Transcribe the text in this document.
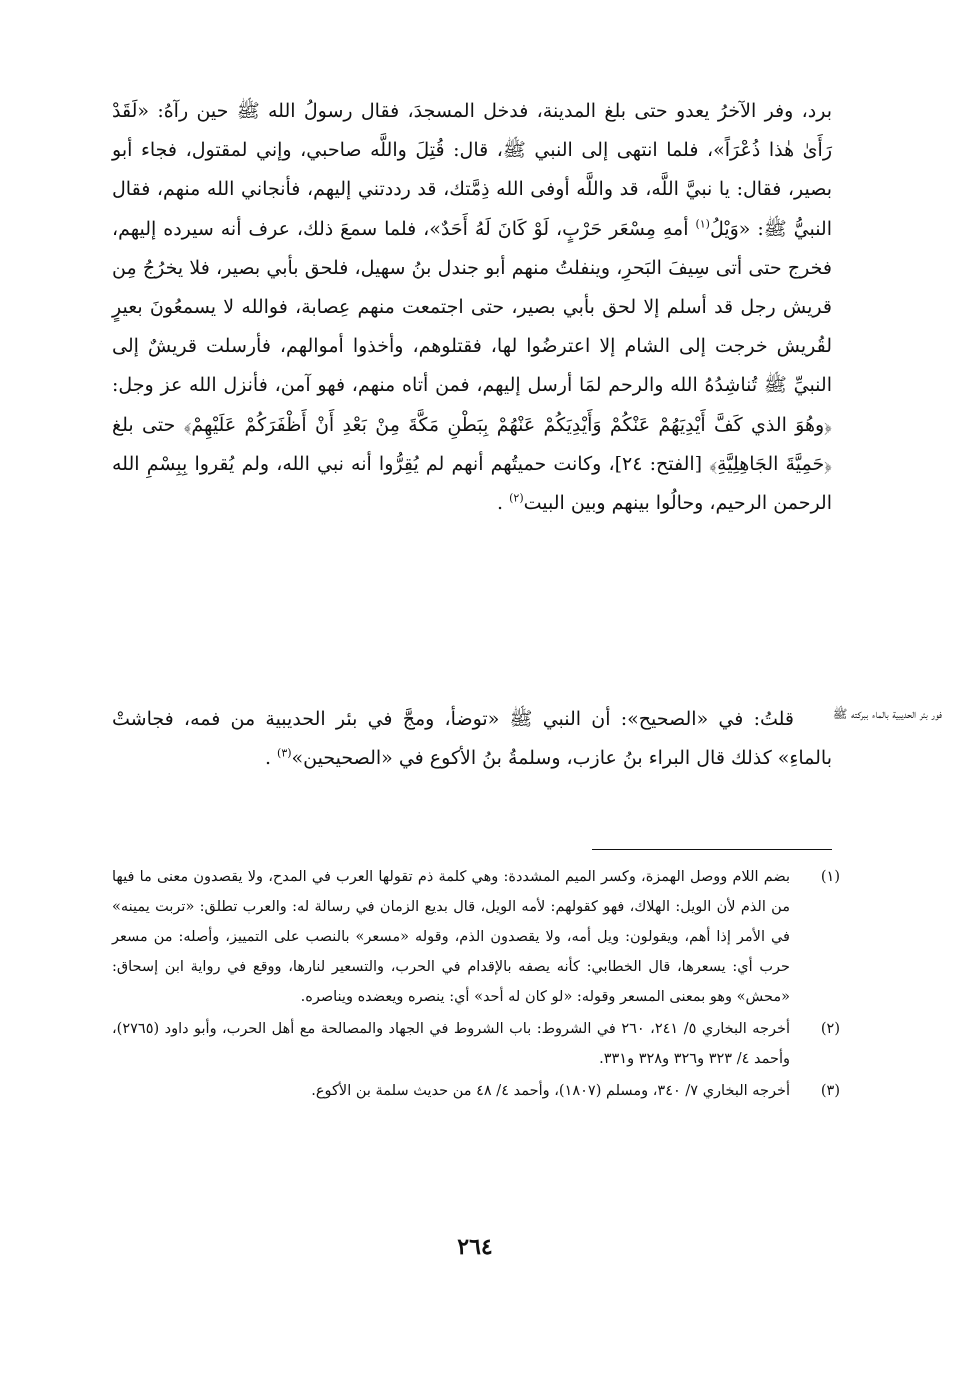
برد، وفر الآخرُ يعدو حتى بلغ المدينة، فدخل المسجدَ، فقال رسولُ الله ﷺ حين رآهُ: «لَقَدْ رَأَىٰ هٰذا ذُعْرَاً»، فلما انتهى إلى النبي ﷺ، قال: قُتِلَ واللَّه صاحبي، وإني لمقتول، فجاء أبو بصير، فقال: يا نبيَّ اللَّه، قد واللَّه أوفى الله ذِمَّتك، قد رددتني إليهم، فأنجاني الله منهم، فقال النبيُّ ﷺ: «وَيْلُ$^{(١)}$ أمهِ مِسْعَر حَرْبٍ، لَوْ كَانَ لَهُ أَحَدٌ»، فلما سمعَ ذلك، عرف أنه سيرده إليهم، فخرج حتى أتى سِيفَ البَحرِ، وينفلتُ منهم أبو جندل بنُ سهيل، فلحق بأبي بصير، فلا يخرُجُ مِن قريش رجل قد أسلم إلا لحق بأبي بصير، حتى اجتمعت منهم عِصابة، فوالله لا يسمعُونَ بعيرٍ لقُريش خرجت إلى الشام إلا اعترضُوا لها، فقتلوهم، وأخذوا أموالهم، فأرسلت قريشٌ إلى النبيِّ ﷺ تُناشِدُهُ الله والرحم لمَا أرسل إليهم، فمن أتاه منهم، فهو آمن، فأنزل الله عز وجل: ﴿وهُوَ الذي كَفَّ أَيْدِيَهُمْ عَنْكُمْ وَأَيْدِيَكُمْ عَنْهُمْ بِبَطْنِ مَكَّةَ مِنْ بَعْدِ أَنْ أَظْفَرَكُمْ عَلَيْهِمْ﴾ حتى بلغ ﴿حَمِيَّةَ الجَاهِلِيَّةِ﴾ [الفتح: ٢٤]، وكانت حميتُهم أنهم لم يُقِرُّوا أنه نبي الله، ولم يُقروا بِبِسْمِ الله الرحمن الرحيم، وحالُوا بينهم وبين البيت$^{(٢)}$ .

  قلتُ: في «الصحيح»: أن النبي ﷺ «توضأ، ومجَّ في بئر الحديبية من فمه، فجاشتْ بالماءِ» كذلك قال البراء بنُ عازب، وسلمةُ بنُ الأكوع في «الصحيحين»$^{(٣)}$ .

فور بئر الحديبية بالماء ببركته ﷺ
(١)
بضم اللام ووصل الهمزة، وكسر الميم المشددة: وهي كلمة ذم تقولها العرب في المدح، ولا يقصدون معنى ما فيها من الذم لأن الويل: الهلاك، فهو كقولهم: لأمه الويل، قال بديع الزمان في رسالة له: والعرب تطلق: «تربت يمينه» في الأمر إذا أهم، ويقولون: ويل أمه، ولا يقصدون الذم، وقوله «مسعر» بالنصب على التمييز، وأصله: من مسعر حرب أي: يسعرها، قال الخطابي: كأنه يصفه بالإقدام في الحرب، والتسعير لنارها، ووقع في رواية ابن إسحاق: «محش» وهو بمعنى المسعر وقوله: «لو كان له أحد» أي: ينصره ويعضده ويناصره.
(٢)
أخرجه البخاري ٥/ ٢٤١، ٢٦٠ في الشروط: باب الشروط في الجهاد والمصالحة مع أهل الحرب، وأبو داود (٢٧٦٥)، وأحمد ٤/ ٣٢٣ و٣٢٦ و٣٢٨ و٣٣١.
(٣)
أخرجه البخاري ٧/ ٣٤٠، ومسلم (١٨٠٧)، وأحمد ٤/ ٤٨ من حديث سلمة بن الأكوع.
٢٦٤
